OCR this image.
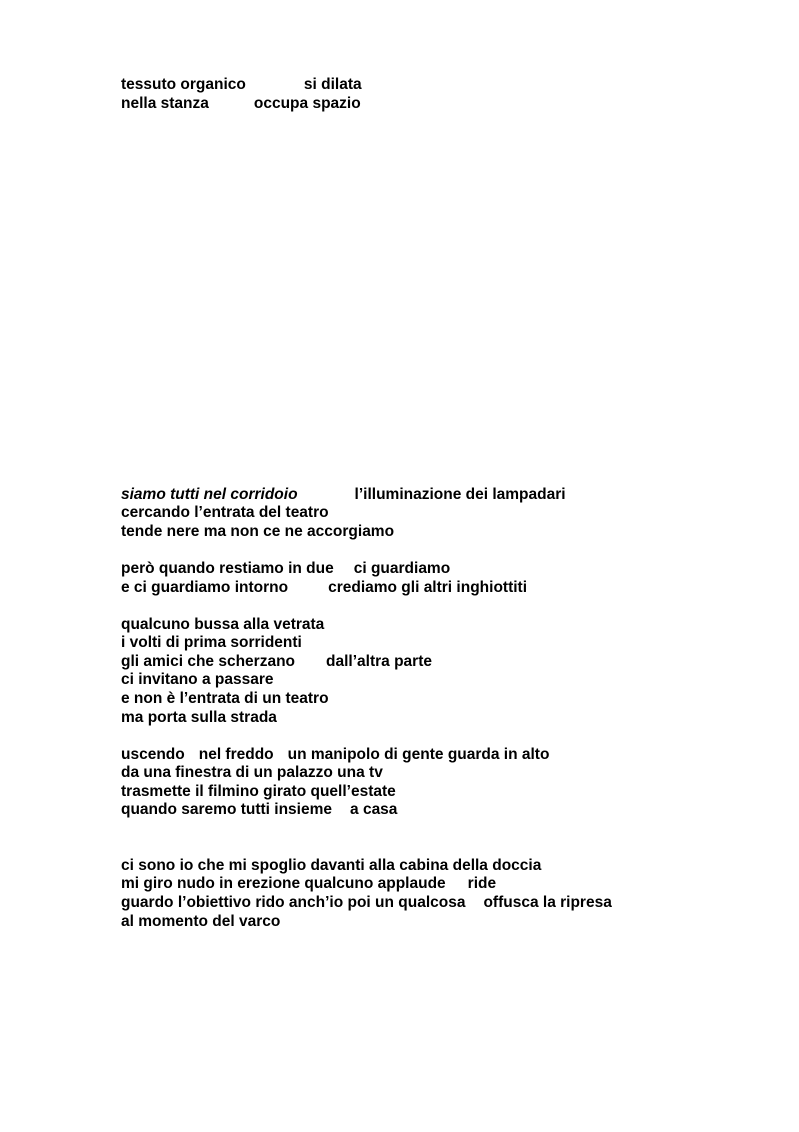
tessuto organico	si dilata

nella stanza	occupa spazio

siamo tutti nel corridoio	l’illuminazione dei lampadari

cercando l’entrata del teatro

tende nere ma non ce ne accorgiamo

però quando restiamo in due ci guardiamo

e ci guardiamo intorno	crediamo gli altri inghiottiti

qualcuno bussa alla vetrata

i volti di prima sorridenti

gli amici che scherzano dall’altra parte

ci invitano a passare

e non è l’entrata di un teatro

ma porta sulla strada

uscendo nel freddo un manipolo di gente guarda in alto

da una finestra di un palazzo una tv

trasmette il filmino girato quell’estate

quando saremo tutti insieme a casa

ci sono io che mi spoglio davanti alla cabina della doccia

mi giro nudo in erezione qualcuno applaude ride

guardo l’obiettivo rido anch’io poi un qualcosa offusca la ripresa

al momento del varco
